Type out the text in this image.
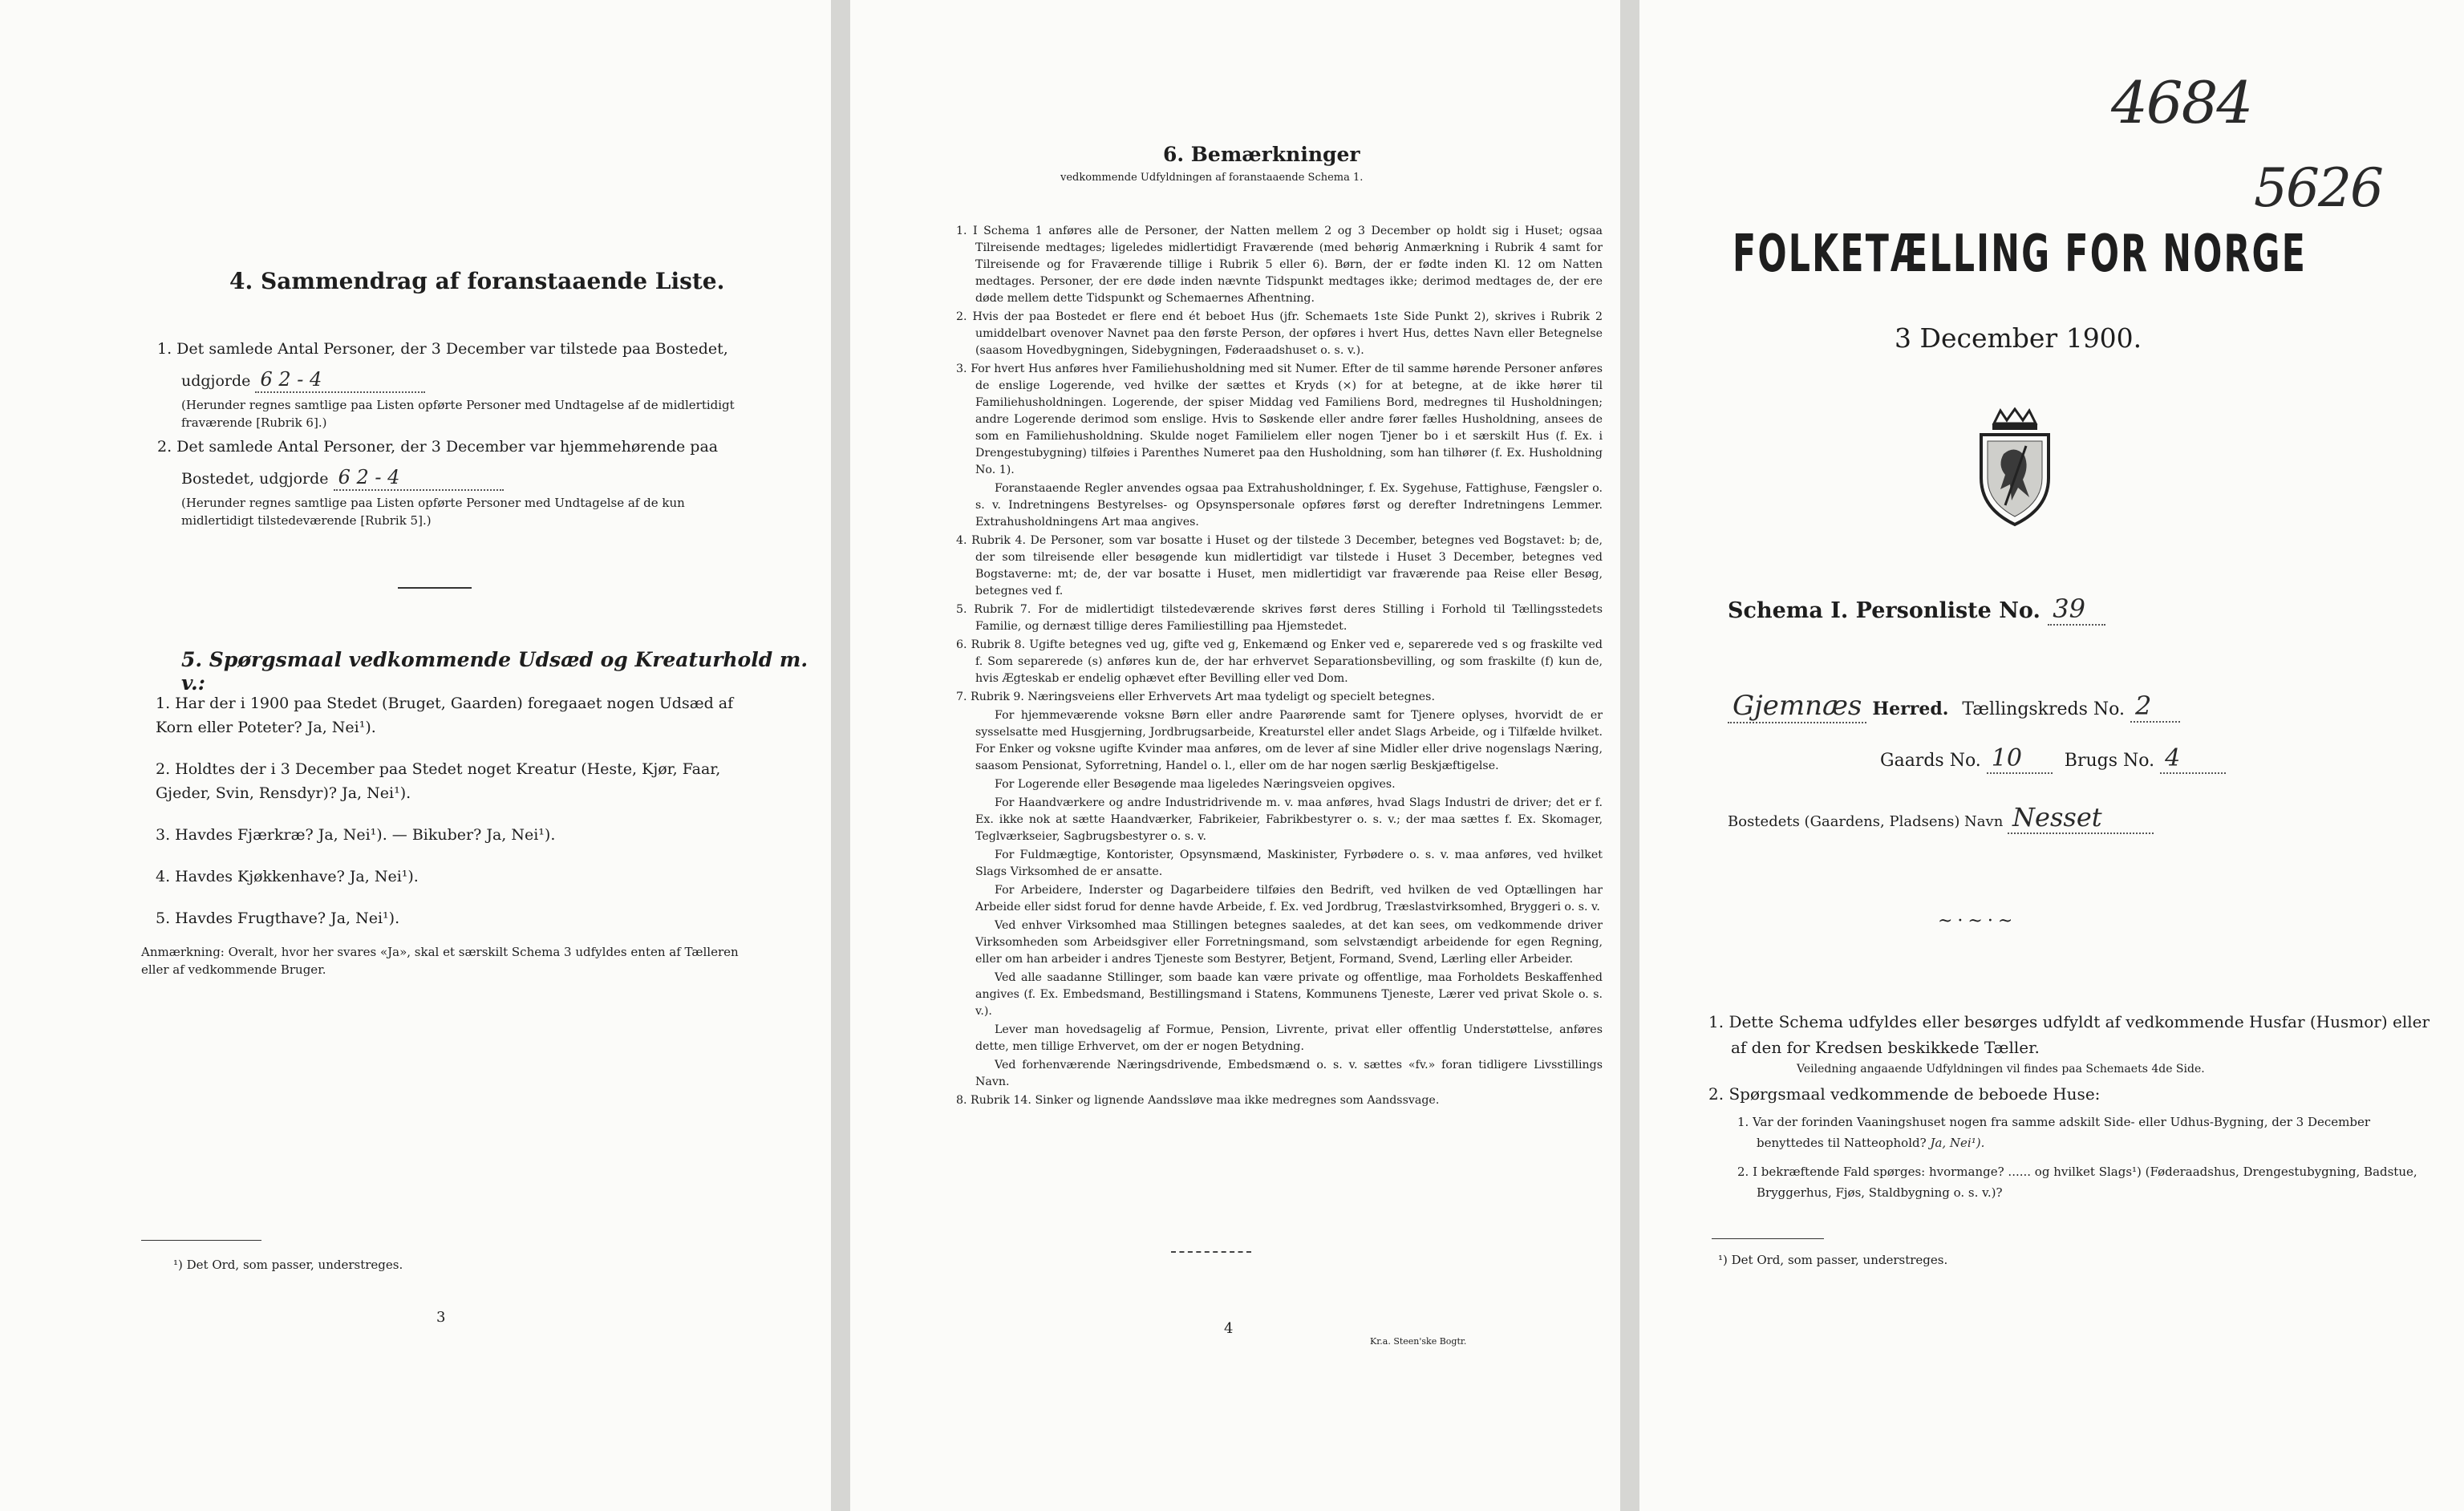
4. Sammendrag af foranstaaende Liste.
1. Det samlede Antal Personer, der 3 December var tilstede paa Bostedet,
udgjorde 6 2 - 4
(Herunder regnes samtlige paa Listen opførte Personer med Undtagelse af de midlertidigt fraværende [Rubrik 6].)
2. Det samlede Antal Personer, der 3 December var hjemmehørende paa
Bostedet, udgjorde 6 2 - 4
(Herunder regnes samtlige paa Listen opførte Personer med Undtagelse af de kun midlertidigt tilstedeværende [Rubrik 5].)
5. Spørgsmaal vedkommende Udsæd og Kreaturhold m. v.:
1. Har der i 1900 paa Stedet (Bruget, Gaarden) foregaaet nogen Udsæd af Korn eller Poteter? Ja, Nei¹).
2. Holdtes der i 3 December paa Stedet noget Kreatur (Heste, Kjør, Faar, Gjeder, Svin, Rensdyr)? Ja, Nei¹).
3. Havdes Fjærkræ? Ja, Nei¹). — Bikuber? Ja, Nei¹).
4. Havdes Kjøkkenhave? Ja, Nei¹).
5. Havdes Frugthave? Ja, Nei¹).
Anmærkning: Overalt, hvor her svares «Ja», skal et særskilt Schema 3 udfyldes enten af Tælleren eller af vedkommende Bruger.
¹) Det Ord, som passer, understreges.
3
6. Bemærkninger
vedkommende Udfyldningen af foranstaaende Schema 1.

1. I Schema 1 anføres alle de Personer, der Natten mellem 2 og 3 December op holdt sig i Huset; ogsaa Tilreisende medtages; ligeledes midlertidigt Fraværende (med behørig Anmærkning i Rubrik 4 samt for Tilreisende og for Fraværende tillige i Rubrik 5 eller 6). Børn, der er fødte inden Kl. 12 om Natten medtages. Personer, der ere døde inden nævnte Tidspunkt medtages ikke; derimod medtages de, der ere døde mellem dette Tidspunkt og Schemaernes Afhentning.

2. Hvis der paa Bostedet er flere end ét beboet Hus (jfr. Schemaets 1ste Side Punkt 2), skrives i Rubrik 2 umiddelbart ovenover Navnet paa den første Person, der opføres i hvert Hus, dettes Navn eller Betegnelse (saasom Hovedbygningen, Sidebygningen, Føderaadshuset o. s. v.).

3. For hvert Hus anføres hver Familiehusholdning med sit Numer. Efter de til samme hørende Personer anføres de enslige Logerende, ved hvilke der sættes et Kryds (×) for at betegne, at de ikke hører til Familiehusholdningen. Logerende, der spiser Middag ved Familiens Bord, medregnes til Husholdningen; andre Logerende derimod som enslige. Hvis to Søskende eller andre fører fælles Husholdning, ansees de som en Familiehusholdning. Skulde noget Familielem eller nogen Tjener bo i et særskilt Hus (f. Ex. i Drengestubygning) tilføies i Parenthes Numeret paa den Husholdning, som han tilhører (f. Ex. Husholdning No. 1).

Foranstaaende Regler anvendes ogsaa paa Extrahusholdninger, f. Ex. Sygehuse, Fattighuse, Fængsler o. s. v. Indretningens Bestyrelses- og Opsynspersonale opføres først og derefter Indretningens Lemmer. Extrahusholdningens Art maa angives.

4. Rubrik 4. De Personer, som var bosatte i Huset og der tilstede 3 December, betegnes ved Bogstavet: b; de, der som tilreisende eller besøgende kun midlertidigt var tilstede i Huset 3 December, betegnes ved Bogstaverne: mt; de, der var bosatte i Huset, men midlertidigt var fraværende paa Reise eller Besøg, betegnes ved f.

5. Rubrik 7. For de midlertidigt tilstedeværende skrives først deres Stilling i Forhold til Tællingsstedets Familie, og dernæst tillige deres Familiestilling paa Hjemstedet.

6. Rubrik 8. Ugifte betegnes ved ug, gifte ved g, Enkemænd og Enker ved e, separerede ved s og fraskilte ved f. Som separerede (s) anføres kun de, der har erhvervet Separationsbevilling, og som fraskilte (f) kun de, hvis Ægteskab er endelig ophævet efter Bevilling eller ved Dom.

7. Rubrik 9. Næringsveiens eller Erhvervets Art maa tydeligt og specielt betegnes.

For hjemmeværende voksne Børn eller andre Paarørende samt for Tjenere oplyses, hvorvidt de er sysselsatte med Husgjerning, Jordbrugsarbeide, Kreaturstel eller andet Slags Arbeide, og i Tilfælde hvilket. For Enker og voksne ugifte Kvinder maa anføres, om de lever af sine Midler eller drive nogenslags Næring, saasom Pensionat, Syforretning, Handel o. l., eller om de har nogen særlig Beskjæftigelse.

For Logerende eller Besøgende maa ligeledes Næringsveien opgives.

For Haandværkere og andre Industridrivende m. v. maa anføres, hvad Slags Industri de driver; det er f. Ex. ikke nok at sætte Haandværker, Fabrikeier, Fabrikbestyrer o. s. v.; der maa sættes f. Ex. Skomager, Teglværkseier, Sagbrugsbestyrer o. s. v.

For Fuldmægtige, Kontorister, Opsynsmænd, Maskinister, Fyrbødere o. s. v. maa anføres, ved hvilket Slags Virksomhed de er ansatte.

For Arbeidere, Inderster og Dagarbeidere tilføies den Bedrift, ved hvilken de ved Optællingen har Arbeide eller sidst forud for denne havde Arbeide, f. Ex. ved Jordbrug, Træslastvirksomhed, Bryggeri o. s. v.

Ved enhver Virksomhed maa Stillingen betegnes saaledes, at det kan sees, om vedkommende driver Virksomheden som Arbeidsgiver eller Forretningsmand, som selvstændigt arbeidende for egen Regning, eller om han arbeider i andres Tjeneste som Bestyrer, Betjent, Formand, Svend, Lærling eller Arbeider.

Ved alle saadanne Stillinger, som baade kan være private og offentlige, maa Forholdets Beskaffenhed angives (f. Ex. Embedsmand, Bestillingsmand i Statens, Kommunens Tjeneste, Lærer ved privat Skole o. s. v.).

Lever man hovedsagelig af Formue, Pension, Livrente, privat eller offentlig Understøttelse, anføres dette, men tillige Erhvervet, om der er nogen Betydning.

Ved forhenværende Næringsdrivende, Embedsmænd o. s. v. sættes «fv.» foran tidligere Livsstillings Navn.

8. Rubrik 14. Sinker og lignende Aandssløve maa ikke medregnes som Aandssvage.

4
Kr.a. Steen'ske Bogtr.
4684
5626
FOLKETÆLLING FOR NORGE
3 December 1900.
Schema I. Personliste No. 39
Gjemnæs Herred. Tællingskreds No. 2
Gaards No. 10 Brugs No. 4
Bostedets (Gaardens, Pladsens) Navn Nesset
~·~·~
1. Dette Schema udfyldes eller besørges udfyldt af vedkommende Husfar (Husmor) eller af den for Kredsen beskikkede Tæller.
Veiledning angaaende Udfyldningen vil findes paa Schemaets 4de Side.
2. Spørgsmaal vedkommende de beboede Huse:
1. Var der forinden Vaaningshuset nogen fra samme adskilt Side- eller Udhus-Bygning, der 3 December benyttedes til Natteophold? Ja, Nei¹).
2. I bekræftende Fald spørges: hvormange? ...... og hvilket Slags¹) (Føderaadshus, Drengestubygning, Badstue, Bryggerhus, Fjøs, Staldbygning o. s. v.)?
¹) Det Ord, som passer, understreges.
